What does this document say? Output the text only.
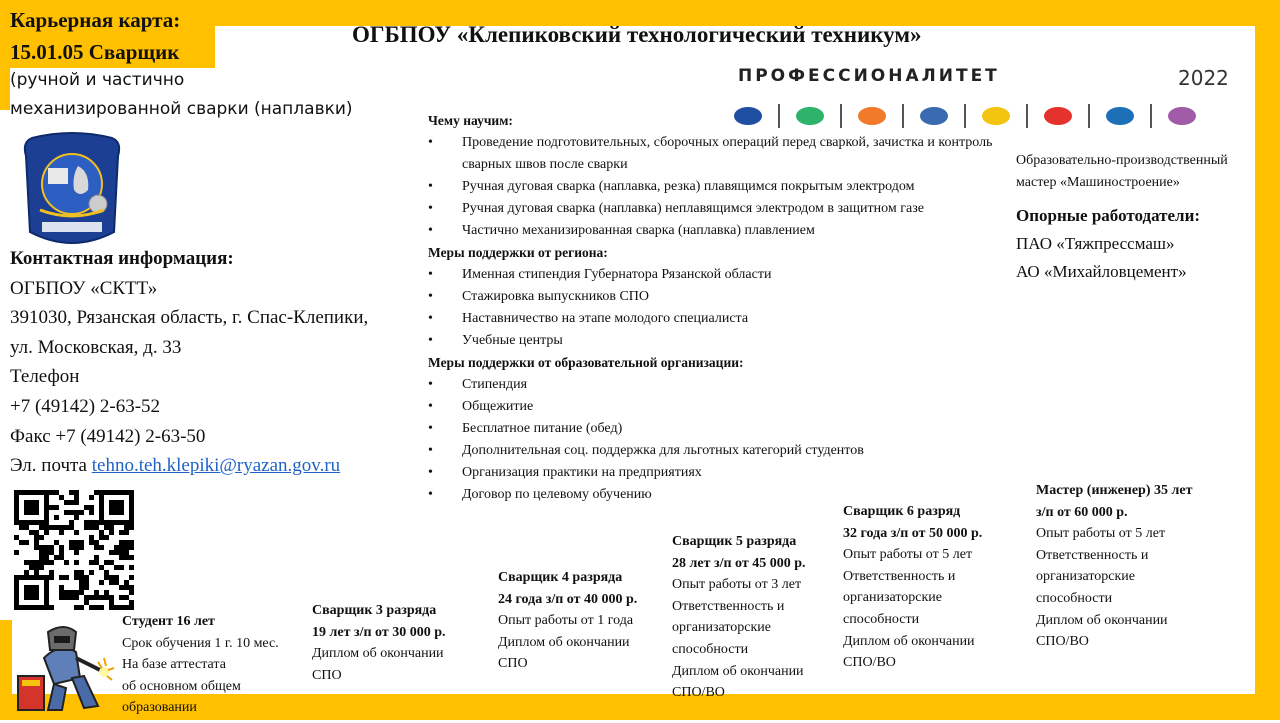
Карьерная карта:
15.01.05 Сварщик
(ручной и частично
механизированной сварки (наплавки)
ОГБПОУ «Клепиковский технологический техникум»
ПРОФЕССИОНАЛИТЕТ	2022
Контактная информация:
ОГБПОУ «СКТТ»
391030, Рязанская область, г. Спас-Клепики,
ул. Московская, д. 33
Телефон
+7 (49142) 2-63-52
Факс +7 (49142) 2-63-50
Эл. почта tehno.teh.klepiki@ryazan.gov.ru
Чему научим:
• Проведение подготовительных, сборочных операций перед сваркой, зачистка и контроль сварных швов после сварки
• Ручная дуговая сварка (наплавка, резка) плавящимся покрытым электродом
• Ручная дуговая сварка (наплавка) неплавящимся электродом в защитном газе
• Частично механизированная сварка (наплавка) плавлением
Меры поддержки от региона:
• Именная стипендия Губернатора Рязанской области
• Стажировка выпускников СПО
• Наставничество на этапе молодого специалиста
• Учебные центры
Меры поддержки от образовательной организации:
• Стипендия
• Общежитие
• Бесплатное питание (обед)
• Дополнительная соц. поддержка для льготных категорий студентов
• Организация практики на предприятиях
• Договор по целевому обучению
Образовательно-производственный
мастер «Машиностроение»
Опорные работодатели:
ПАО «Тяжпрессмаш»
АО «Михайловцемент»
Студент 16 лет
Срок обучения 1 г. 10 мес.
На базе аттестата
об основном общем
образовании
Сварщик 3 разряда
19 лет з/п от 30 000 р.
Диплом об окончании
СПО
Сварщик 4 разряда
24 года з/п от 40 000 р.
Опыт работы от 1 года
Диплом об окончании
СПО
Сварщик 5 разряда
28 лет з/п от 45 000 р.
Опыт работы от 3 лет
Ответственность и
организаторские
способности
Диплом об окончании
СПО/ВО
Сварщик 6 разряд
32 года з/п от 50 000 р.
Опыт работы от 5 лет
Ответственность и
организаторские
способности
Диплом об окончании
СПО/ВО
Мастер (инженер) 35 лет
з/п от 60 000 р.
Опыт работы от 5 лет
Ответственность и
организаторские
способности
Диплом об окончании
СПО/ВО
